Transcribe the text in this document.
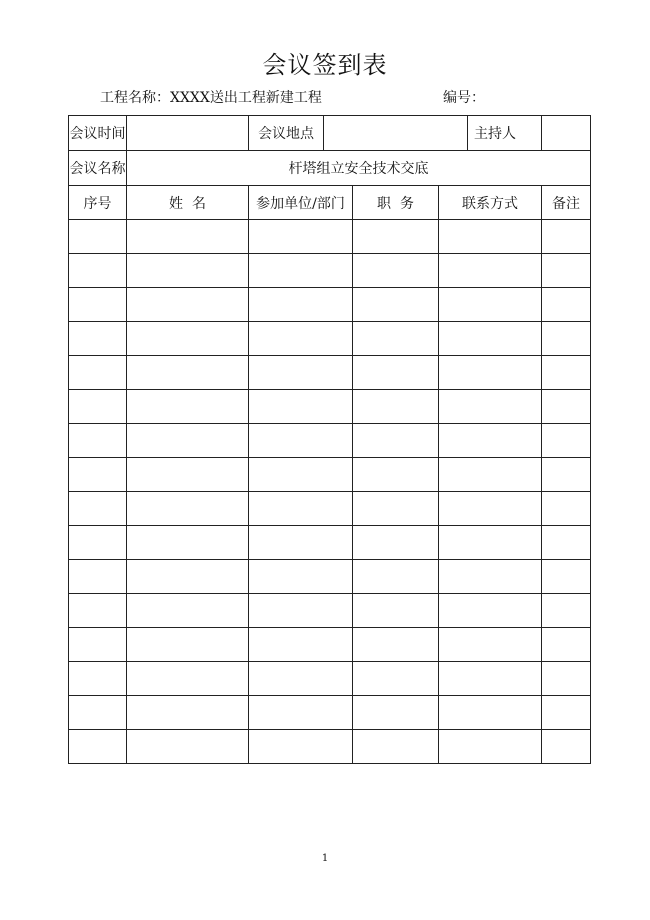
会议签到表
工程名称：XXXX送出工程新建工程	编号：
会议时间		会议地点				主持人	
会议名称	杆塔组立安全技术交底						
序号	姓  名	参加单位/部门		职  务	联系方式		备注

1
